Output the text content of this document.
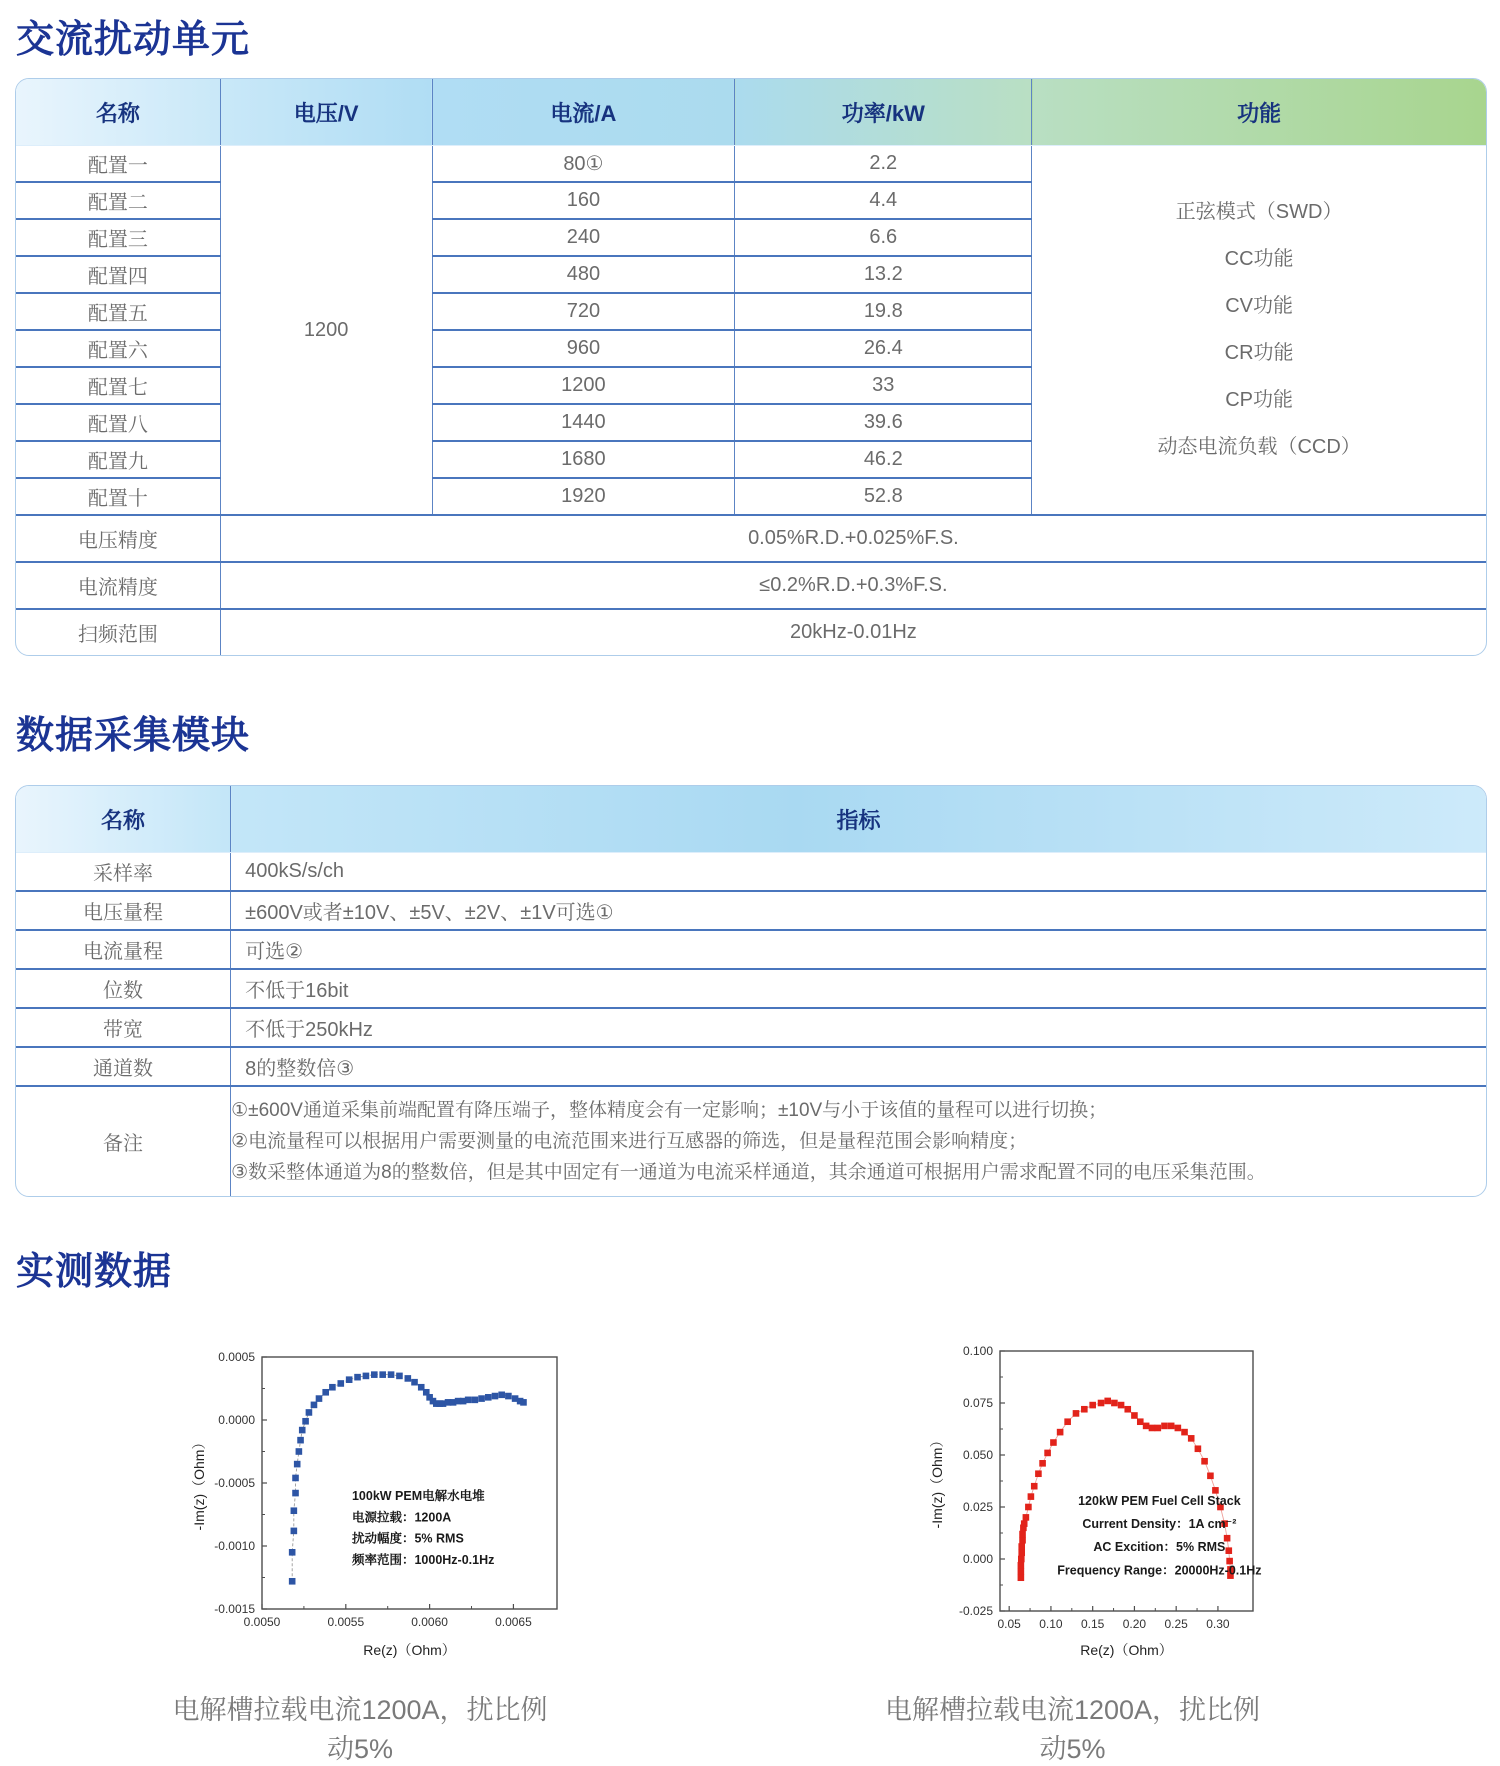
交流扰动单元
名称	电压/V	电流/A	功率/kW	功能
配置一	1200	80①	2.2	
正弦模式（SWD）
CC功能
CV功能
CR功能
CP功能
动态电流负载（CCD）

配置二		160	4.4	
配置三		240	6.6	
配置四		480	13.2	
配置五		720	19.8	
配置六		960	26.4	
配置七		1200	33	
配置八		1440	39.6	
配置九		1680	46.2	
配置十		1920	52.8	
电压精度	0.05%R.D.+0.025%F.S.			
电流精度	≤0.2%R.D.+0.3%F.S.			
扫频范围	20kHz-0.01Hz			
数据采集模块
名称	指标
采样率	400kS/s/ch
电压量程	±600V或者±10V、±5V、±2V、±1V可选①
电流量程	可选②
位数	不低于16bit
带宽	不低于250kHz
通道数	8的整数倍③
备注	①±600V通道采集前端配置有降压端子，整体精度会有一定影响；±10V与小于该值的量程可以进行切换；
②电流量程可以根据用户需要测量的电流范围来进行互感器的筛选，但是量程范围会影响精度；
③数采整体通道为8的整数倍，但是其中固定有一通道为电流采样通道，其余通道可根据用户需求配置不同的电压采集范围。
实测数据
0.0050	0.0055	0.0060	0.0065
0.0005
0.0000
-0.0005
-0.0010
-0.0015
Re(z)（Ohm）
-Im(z)（Ohm）	100kW PEM电解水电堆
电源拉载：1200A
扰动幅度：5% RMS
频率范围：1000Hz-0.1Hz
0.05 0.10 0.15 0.20 0.25 0.30
0.100
0.075
0.050
0.025
0.000
-0.025
Re(z)（Ohm）
-Im(z)（Ohm）	120kW PEM Fuel Cell Stack
Current Density：1A cm⁻²
AC Excition：5% RMS
Frequency Range：20000Hz-0.1Hz
电解槽拉载电流1200A，扰比例动5%
电解槽拉载电流1200A，扰比例动5%
